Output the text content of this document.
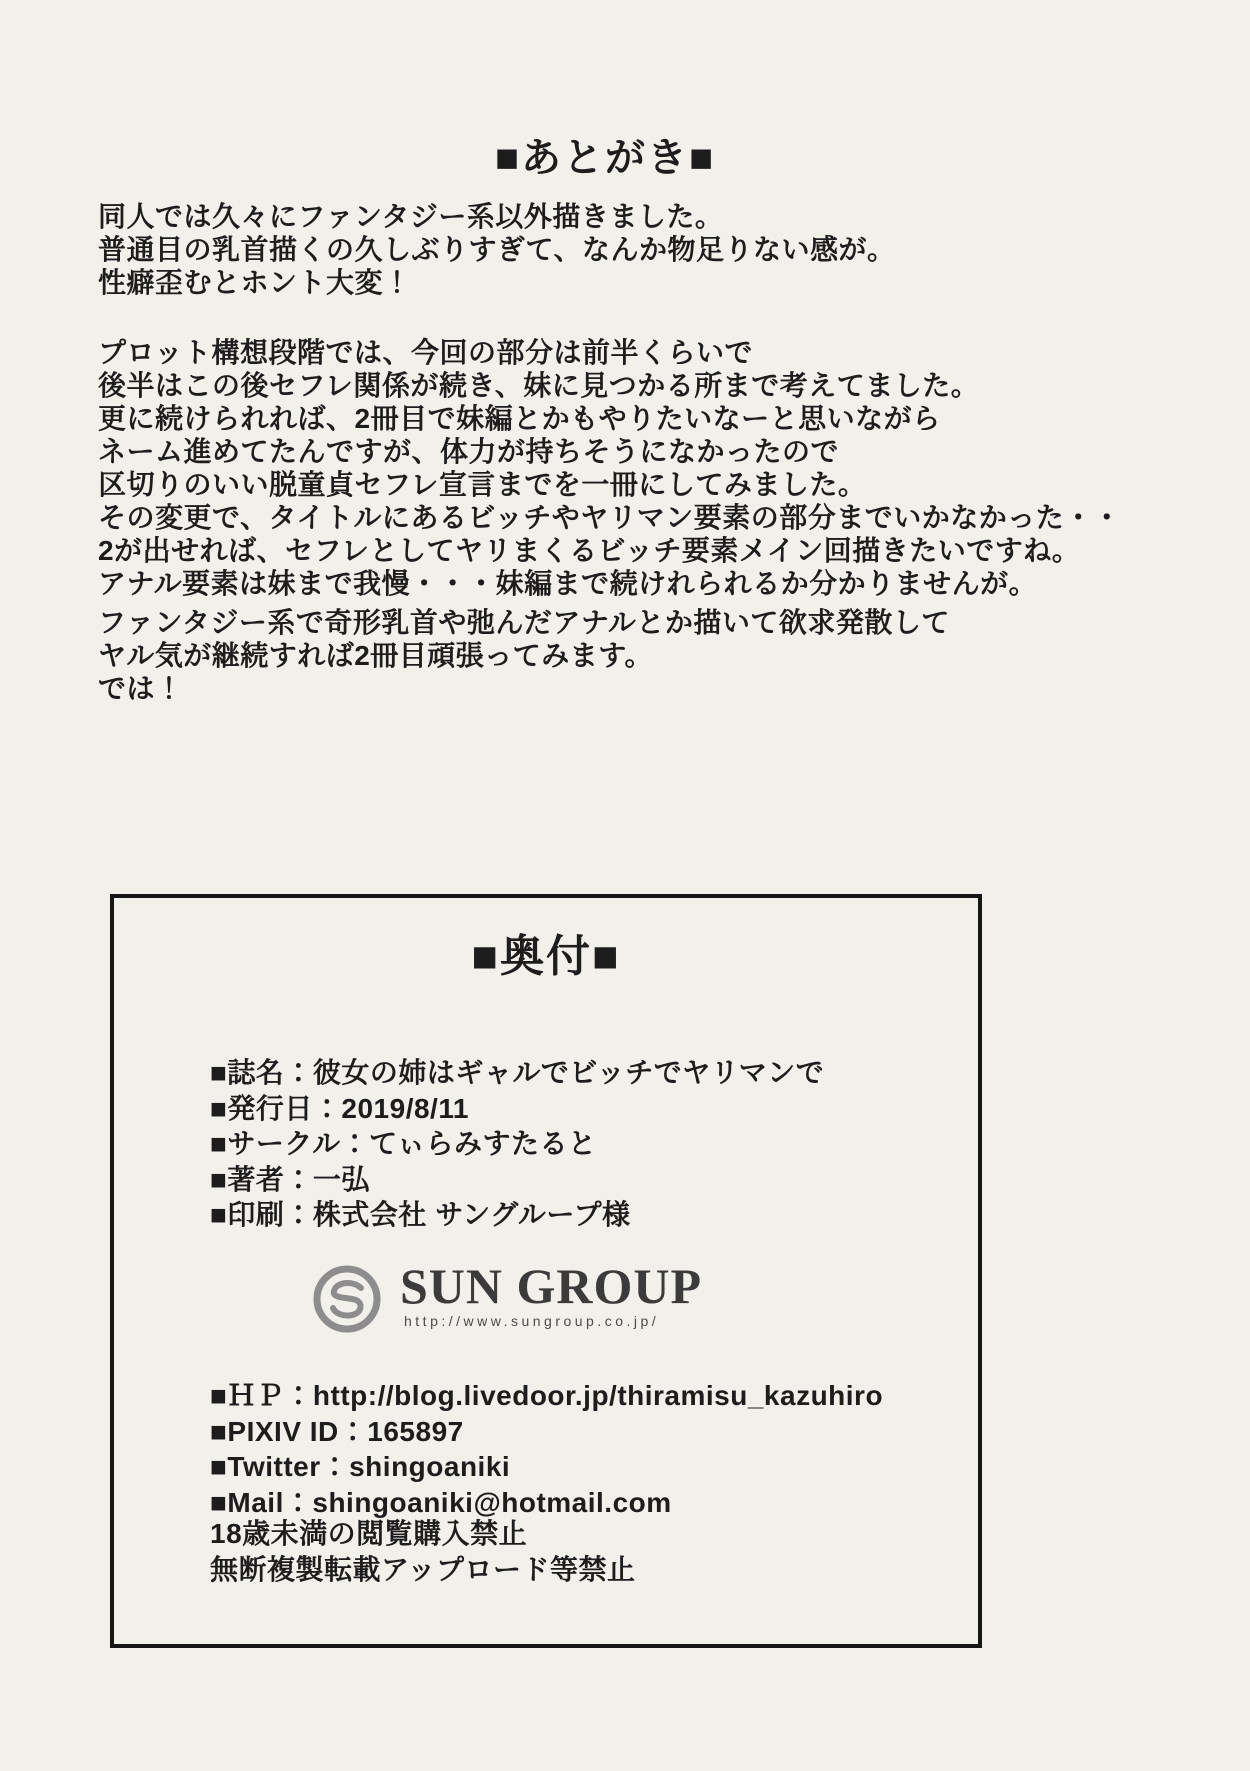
■あとがき■
同人では久々にファンタジー系以外描きました。
普通目の乳首描くの久しぶりすぎて、なんか物足りない感が。
性癖歪むとホント大変！
プロット構想段階では、今回の部分は前半くらいで
後半はこの後セフレ関係が続き、妹に見つかる所まで考えてました。
更に続けられれば、2冊目で妹編とかもやりたいなーと思いながら
ネーム進めてたんですが、体力が持ちそうになかったので
区切りのいい脱童貞セフレ宣言までを一冊にしてみました。
その変更で、タイトルにあるビッチやヤリマン要素の部分までいかなかった・・
2が出せれば、セフレとしてヤリまくるビッチ要素メイン回描きたいですね。
アナル要素は妹まで我慢・・・妹編まで続けれられるか分かりませんが。
ファンタジー系で奇形乳首や弛んだアナルとか描いて欲求発散して
ヤル気が継続すれば2冊目頑張ってみます。
では！
■奥付■
■誌名：彼女の姉はギャルでビッチでヤリマンで
■発行日：2019/8/11
■サークル：てぃらみすたると
■著者：一弘
■印刷：株式会社 サングループ様
SUN GROUP
http://www.sungroup.co.jp/
■ＨＰ：http://blog.livedoor.jp/thiramisu_kazuhiro
■PIXIV ID：165897
■Twitter：shingoaniki
■Mail：shingoaniki@hotmail.com
18歳未満の閲覧購入禁止
無断複製転載アップロード等禁止
